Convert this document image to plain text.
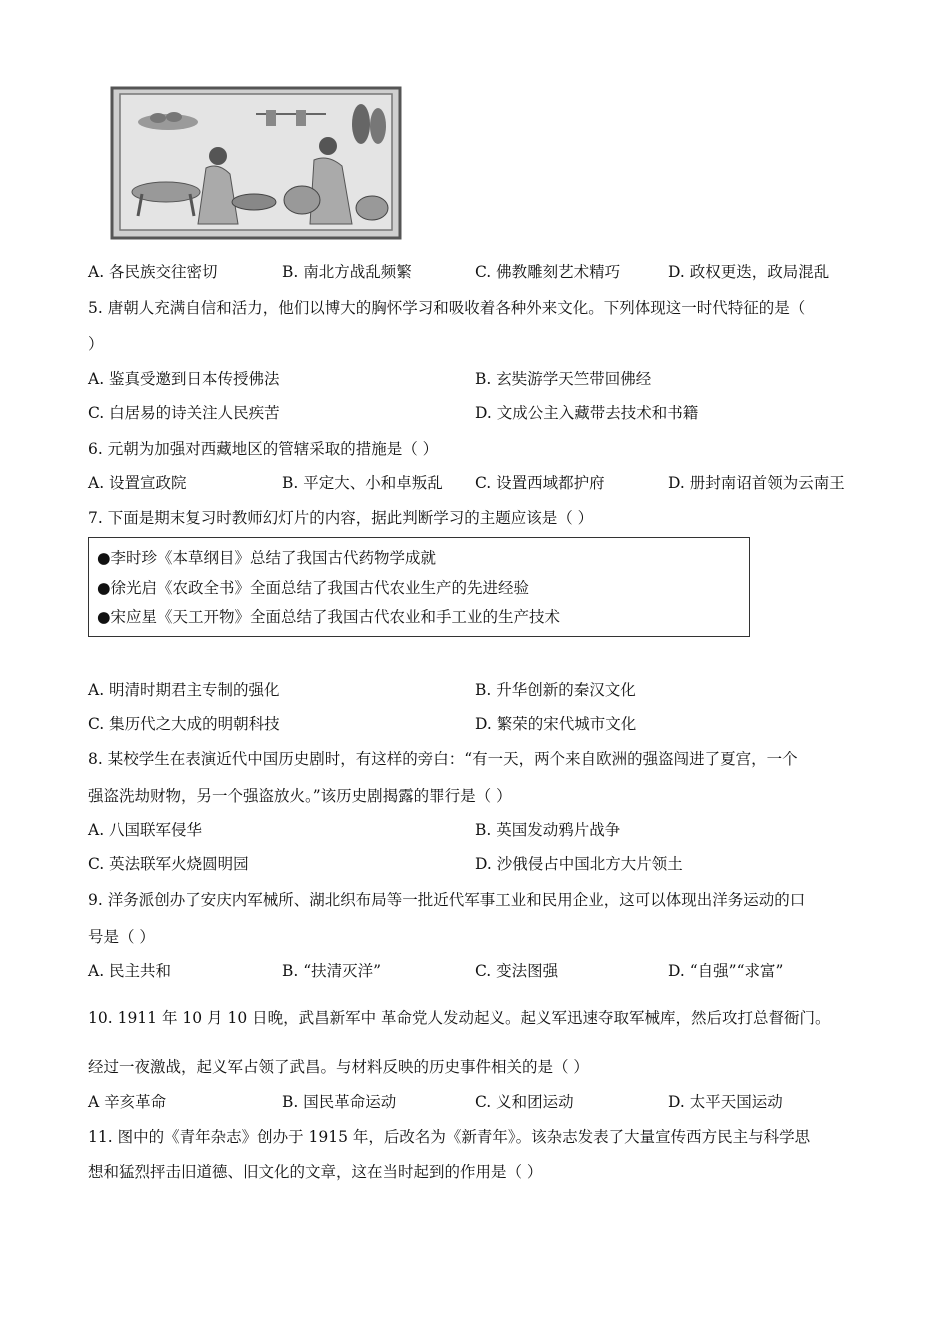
A. 各民族交往密切	B. 南北方战乱频繁	C. 佛教雕刻艺术精巧	D. 政权更迭，政局混乱
5. 唐朝人充满自信和活力，他们以博大的胸怀学习和吸收着各种外来文化。下列体现这一时代特征的是（
）
A. 鉴真受邀到日本传授佛法	B. 玄奘游学天竺带回佛经
C. 白居易的诗关注人民疾苦	D. 文成公主入藏带去技术和书籍
6. 元朝为加强对西藏地区的管辖采取的措施是（ ）
A. 设置宣政院	B. 平定大、小和卓叛乱 C. 设置西域都护府	D. 册封南诏首领为云南王
7. 下面是期末复习时教师幻灯片的内容，据此判断学习的主题应该是（ ）
●李时珍《本草纲目》总结了我国古代药物学成就
●徐光启《农政全书》全面总结了我国古代农业生产的先进经验
●宋应星《天工开物》全面总结了我国古代农业和手工业的生产技术
A. 明清时期君主专制的强化	B. 升华创新的秦汉文化
C. 集历代之大成的明朝科技	D. 繁荣的宋代城市文化
8. 某校学生在表演近代中国历史剧时，有这样的旁白：“有一天，两个来自欧洲的强盗闯进了夏宫，一个
强盗洗劫财物，另一个强盗放火。”该历史剧揭露的罪行是（ ）
A. 八国联军侵华	B. 英国发动鸦片战争
C. 英法联军火烧圆明园	D. 沙俄侵占中国北方大片领土
9. 洋务派创办了安庆内军械所、湖北织布局等一批近代军事工业和民用企业，这可以体现出洋务运动的口
号是（ ）
A. 民主共和	B. “扶清灭洋”	C. 变法图强	D. “自强”“求富”
10. 1911 年 10 月 10 日晚，武昌新军中 革命党人发动起义。起义军迅速夺取军械库，然后攻打总督衙门。
经过一夜激战，起义军占领了武昌。与材料反映的历史事件相关的是（ ）
A 辛亥革命	B. 国民革命运动	C. 义和团运动	D. 太平天国运动
11. 图中的《青年杂志》创办于 1915 年，后改名为《新青年》。该杂志发表了大量宣传西方民主与科学思
想和猛烈抨击旧道德、旧文化的文章，这在当时起到的作用是（ ）
